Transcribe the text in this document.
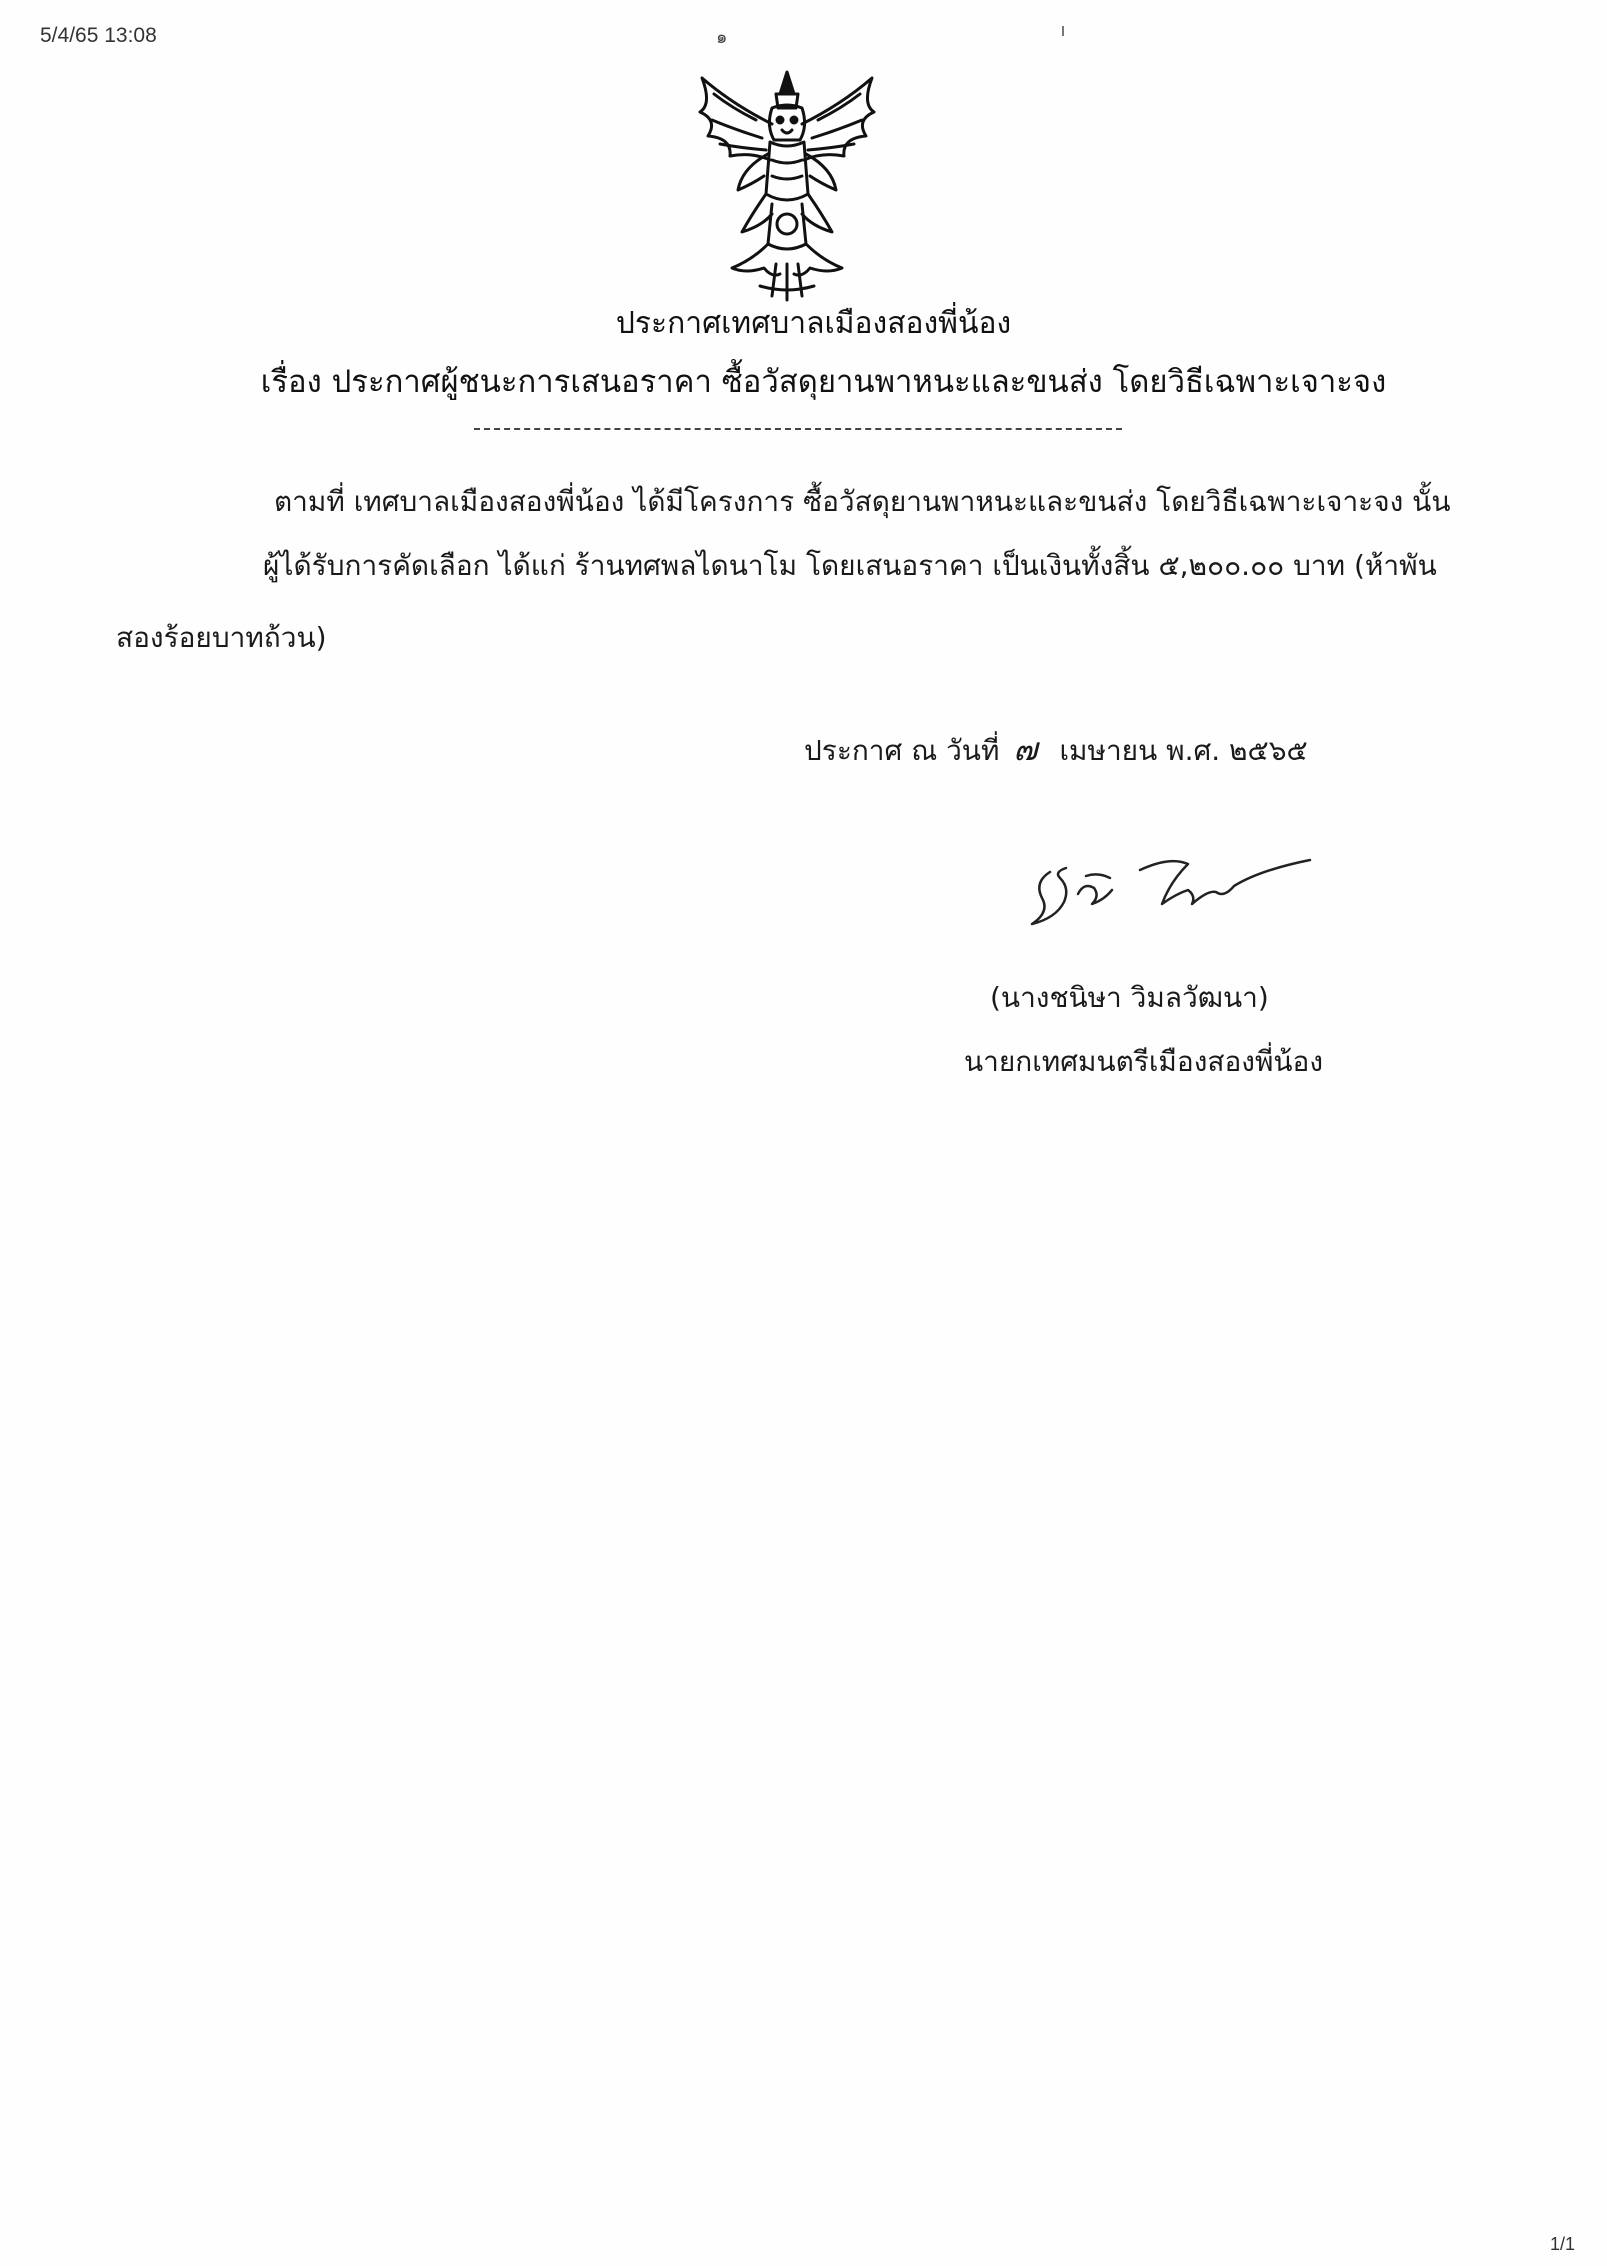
5/4/65 13:08	๑
ประกาศเทศบาลเมืองสองพี่น้อง
เรื่อง ประกาศผู้ชนะการเสนอราคา ซื้อวัสดุยานพาหนะและขนส่ง โดยวิธีเฉพาะเจาะจง
ตามที่ เทศบาลเมืองสองพี่น้อง ได้มีโครงการ ซื้อวัสดุยานพาหนะและขนส่ง โดยวิธีเฉพาะเจาะจง นั้น
ผู้ได้รับการคัดเลือก ได้แก่ ร้านทศพลไดนาโม โดยเสนอราคา เป็นเงินทั้งสิ้น ๕,๒๐๐.๐๐ บาท (ห้าพัน
สองร้อยบาทถ้วน)
ประกาศ ณ วันที่ ๗ เมษายน พ.ศ. ๒๕๖๕
(นางชนิษา วิมลวัฒนา)
นายกเทศมนตรีเมืองสองพี่น้อง
1/1
